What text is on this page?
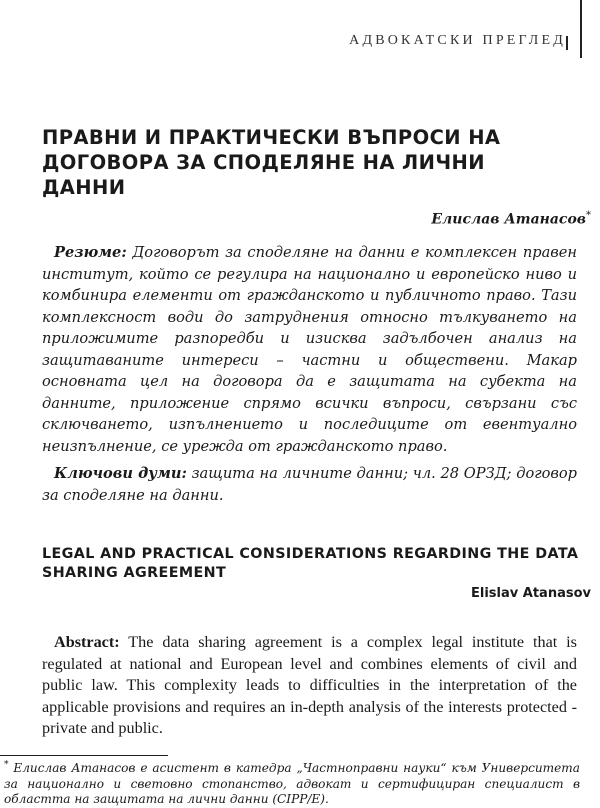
АДВОКАТСКИ ПРЕГЛЕД
ПРАВНИ И ПРАКТИЧЕСКИ ВЪПРОСИ НА ДОГОВОРА ЗА СПОДЕЛЯНЕ НА ЛИЧНИ ДАННИ
Елислав Атанасов*

Резюме: Договорът за споделяне на данни е комплексен правен институт, който се регулира на национално и европейско ниво и комбинира елементи от гражданското и публичното право. Тази комплексност води до затруднения относно тълкуването на приложимите разпоредби и изисква задълбочен анализ на защитаваните интереси – частни и обществени. Макар основната цел на договора да е защитата на субекта на данните, приложение спрямо всички въпроси, свързани със сключването, изпълнението и последиците от евентуално неизпълнение, се урежда от гражданското право.

Ключови думи: защита на личните данни; чл. 28 ОРЗД; договор за споделяне на данни.

LEGAL AND PRACTICAL CONSIDERATIONS REGARDING THE DATA SHARING AGREEMENT
Elislav Atanasov

Abstract: The data sharing agreement is a complex legal institute that is regulated at national and European level and combines elements of civil and public law. This complexity leads to difficulties in the interpretation of the applicable provisions and requires an in-depth analysis of the interests protected - private and public.

* Елислав Атанасов е асистент в катедра „Частноправни науки“ към Университета за национално и световно стопанство, адвокат и сертифициран специалист в областта на защитата на лични данни (CIPP/E).
